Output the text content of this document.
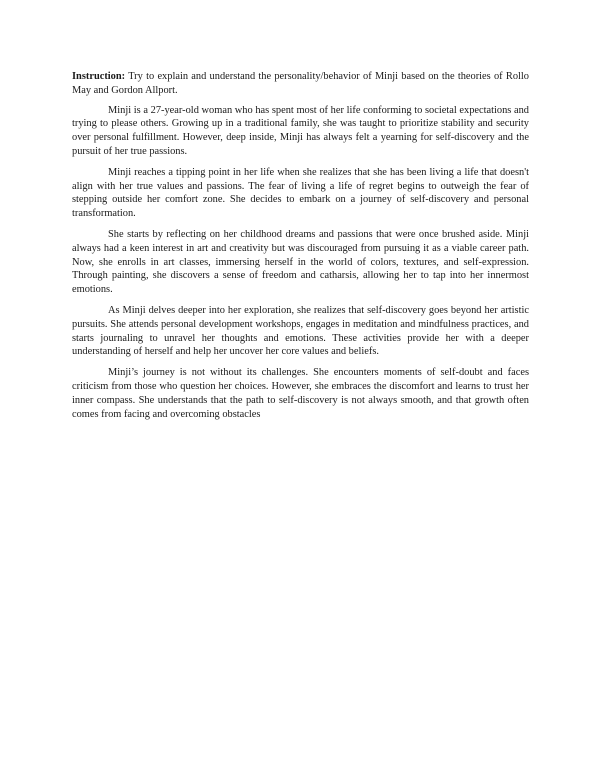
Instruction: Try to explain and understand the personality/behavior of Minji based on the theories of Rollo May and Gordon Allport.

Minji is a 27-year-old woman who has spent most of her life conforming to societal expectations and trying to please others. Growing up in a traditional family, she was taught to prioritize stability and security over personal fulfillment. However, deep inside, Minji has always felt a yearning for self-discovery and the pursuit of her true passions.

Minji reaches a tipping point in her life when she realizes that she has been living a life that doesn't align with her true values and passions. The fear of living a life of regret begins to outweigh the fear of stepping outside her comfort zone. She decides to embark on a journey of self-discovery and personal transformation.

She starts by reflecting on her childhood dreams and passions that were once brushed aside. Minji always had a keen interest in art and creativity but was discouraged from pursuing it as a viable career path. Now, she enrolls in art classes, immersing herself in the world of colors, textures, and self-expression. Through painting, she discovers a sense of freedom and catharsis, allowing her to tap into her innermost emotions.

As Minji delves deeper into her exploration, she realizes that self-discovery goes beyond her artistic pursuits. She attends personal development workshops, engages in meditation and mindfulness practices, and starts journaling to unravel her thoughts and emotions. These activities provide her with a deeper understanding of herself and help her uncover her core values and beliefs.

Minji’s journey is not without its challenges. She encounters moments of self-doubt and faces criticism from those who question her choices. However, she embraces the discomfort and learns to trust her inner compass. She understands that the path to self-discovery is not always smooth, and that growth often comes from facing and overcoming obstacles
